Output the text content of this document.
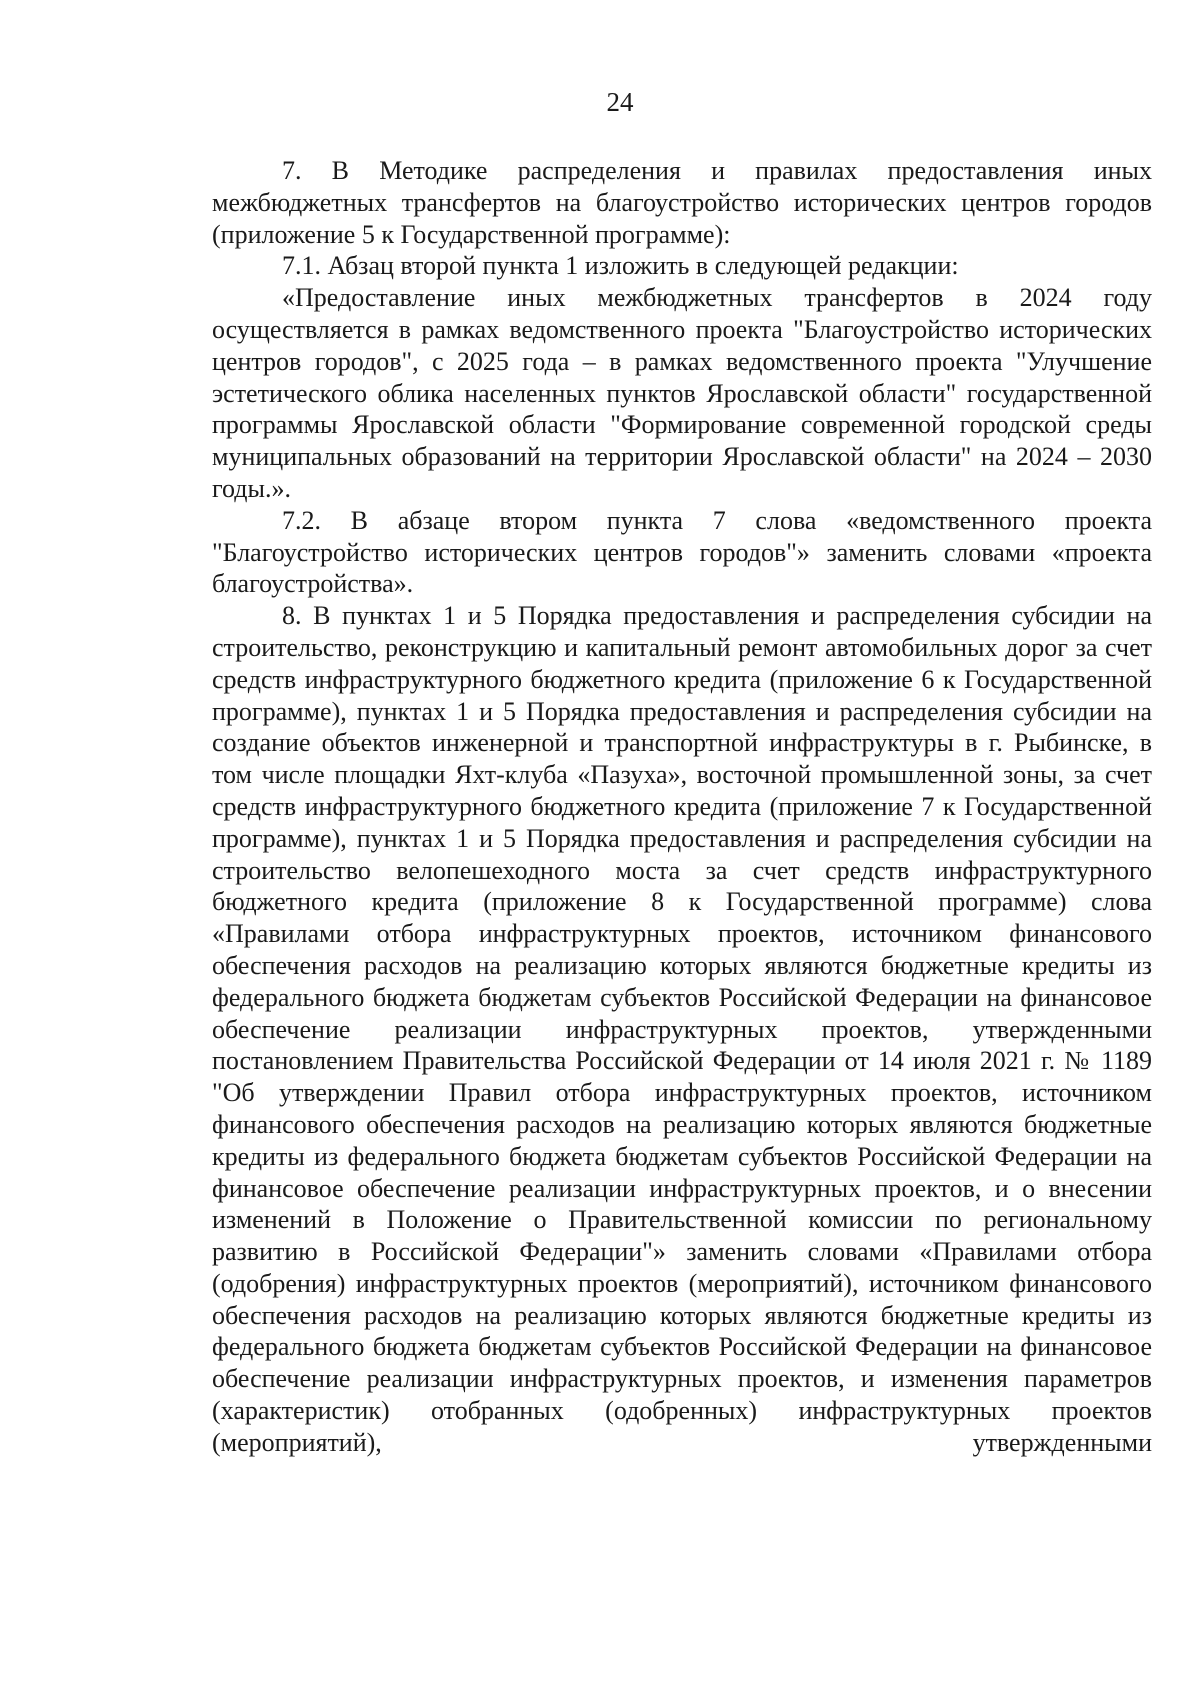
24

7. В Методике распределения и правилах предоставления иных межбюджетных трансфертов на благоустройство исторических центров городов (приложение 5 к Государственной программе):

7.1. Абзац второй пункта 1 изложить в следующей редакции:

«Предоставление иных межбюджетных трансфертов в 2024 году осуществляется в рамках ведомственного проекта "Благоустройство исторических центров городов", с 2025 года – в рамках ведомственного проекта "Улучшение эстетического облика населенных пунктов Ярославской области" государственной программы Ярославской области "Формирование современной городской среды муниципальных образований на территории Ярославской области" на 2024 – 2030 годы.».

7.2. В абзаце втором пункта 7 слова «ведомственного проекта "Благоустройство исторических центров городов"» заменить словами «проекта благоустройства».

8. В пунктах 1 и 5 Порядка предоставления и распределения субсидии на строительство, реконструкцию и капитальный ремонт автомобильных дорог за счет средств инфраструктурного бюджетного кредита (приложение 6 к Государственной программе), пунктах 1 и 5 Порядка предоставления и распределения субсидии на создание объектов инженерной и транспортной инфраструктуры в г. Рыбинске, в том числе площадки Яхт-клуба «Пазуха», восточной промышленной зоны, за счет средств инфраструктурного бюджетного кредита (приложение 7 к Государственной программе), пунктах 1 и 5 Порядка предоставления и распределения субсидии на строительство велопешеходного моста за счет средств инфраструктурного бюджетного кредита (приложение 8 к Государственной программе) слова «Правилами отбора инфраструктурных проектов, источником финансового обеспечения расходов на реализацию которых являются бюджетные кредиты из федерального бюджета бюджетам субъектов Российской Федерации на финансовое обеспечение реализации инфраструктурных проектов, утвержденными постановлением Правительства Российской Федерации от 14 июля 2021 г. № 1189 "Об утверждении Правил отбора инфраструктурных проектов, источником финансового обеспечения расходов на реализацию которых являются бюджетные кредиты из федерального бюджета бюджетам субъектов Российской Федерации на финансовое обеспечение реализации инфраструктурных проектов, и о внесении изменений в Положение о Правительственной комиссии по региональному развитию в Российской Федерации"» заменить словами «Правилами отбора (одобрения) инфраструктурных проектов (мероприятий), источником финансового обеспечения расходов на реализацию которых являются бюджетные кредиты из федерального бюджета бюджетам субъектов Российской Федерации на финансовое обеспечение реализации инфраструктурных проектов, и изменения параметров (характеристик) отобранных (одобренных) инфраструктурных проектов (мероприятий), утвержденными
